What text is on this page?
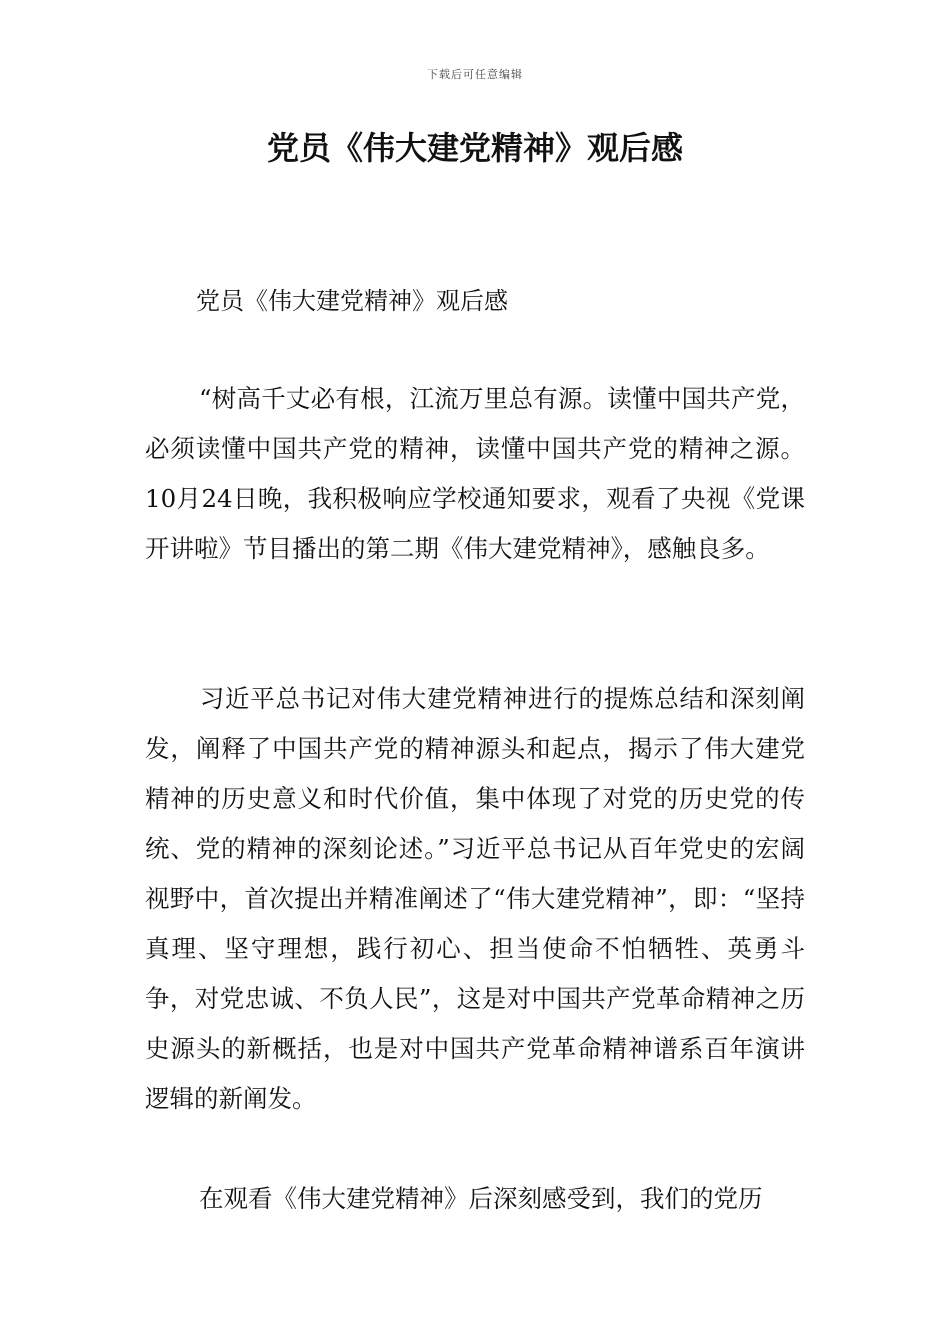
下载后可任意编辑
党员《伟大建党精神》观后感

党员《伟大建党精神》观后感

“树高千丈必有根，江流万里总有源。读懂中国共产党，必须读懂中国共产党的精神，读懂中国共产党的精神之源。10月24日晚，我积极响应学校通知要求，观看了央视《党课开讲啦》节目播出的第二期《伟大建党精神》，感触良多。

习近平总书记对伟大建党精神进行的提炼总结和深刻阐发，阐释了中国共产党的精神源头和起点，揭示了伟大建党精神的历史意义和时代价值，集中体现了对党的历史党的传统、党的精神的深刻论述。”习近平总书记从百年党史的宏阔视野中，首次提出并精准阐述了“伟大建党精神”，即：“坚持真理、坚守理想，践行初心、担当使命不怕牺牲、英勇斗争，对党忠诚、不负人民”，这是对中国共产党革命精神之历史源头的新概括，也是对中国共产党革命精神谱系百年演讲逻辑的新阐发。

在观看《伟大建党精神》后深刻感受到，我们的党历
